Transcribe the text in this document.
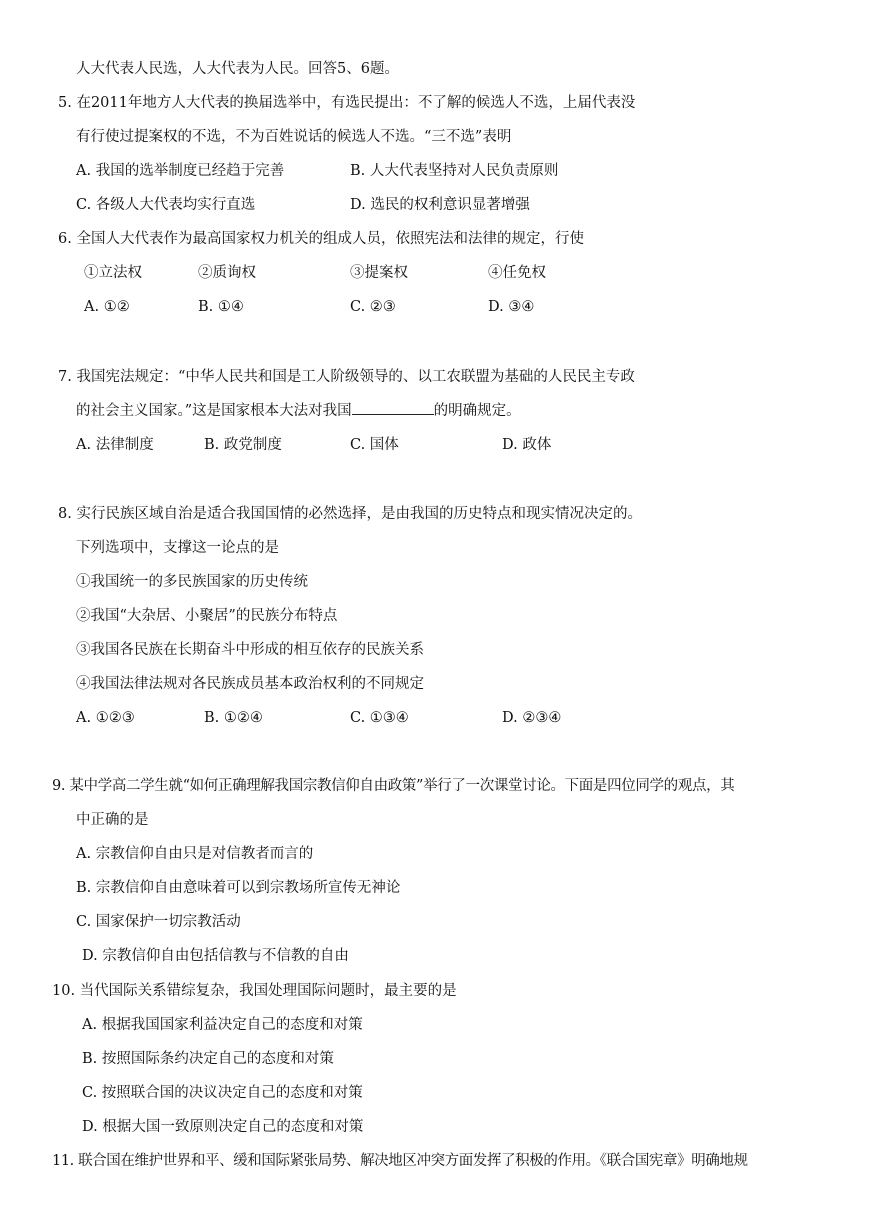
人大代表人民选，人大代表为人民。回答5、6题。
5. 在2011年地方人大代表的换届选举中，有选民提出：不了解的候选人不选，上届代表没
有行使过提案权的不选，不为百姓说话的候选人不选。“三不选”表明
A. 我国的选举制度已经趋于完善	B. 人大代表坚持对人民负责原则
C. 各级人大代表均实行直选	D. 选民的权利意识显著增强
6. 全国人大代表作为最高国家权力机关的组成人员，依照宪法和法律的规定，行使
①立法权	②质询权	③提案权	④任免权
A. ①②	B. ①④	C. ②③	D. ③④
7. 我国宪法规定：“中华人民共和国是工人阶级领导的、以工农联盟为基础的人民民主专政
的社会主义国家。”这是国家根本大法对我国	的明确规定。
A. 法律制度	B. 政党制度	C. 国体	D. 政体
8. 实行民族区域自治是适合我国国情的必然选择，是由我国的历史特点和现实情况决定的。
下列选项中，支撑这一论点的是
①我国统一的多民族国家的历史传统
②我国“大杂居、小聚居”的民族分布特点
③我国各民族在长期奋斗中形成的相互依存的民族关系
④我国法律法规对各民族成员基本政治权利的不同规定
A. ①②③	B. ①②④	C. ①③④	D. ②③④
9. 某中学高二学生就“如何正确理解我国宗教信仰自由政策”举行了一次课堂讨论。下面是四位同学的观点，其
中正确的是
A. 宗教信仰自由只是对信教者而言的
B. 宗教信仰自由意味着可以到宗教场所宣传无神论
C. 国家保护一切宗教活动
D. 宗教信仰自由包括信教与不信教的自由
10. 当代国际关系错综复杂，我国处理国际问题时，最主要的是
A. 根据我国国家利益决定自己的态度和对策
B. 按照国际条约决定自己的态度和对策
C. 按照联合国的决议决定自己的态度和对策
D. 根据大国一致原则决定自己的态度和对策
11. 联合国在维护世界和平、缓和国际紧张局势、解决地区冲突方面发挥了积极的作用。《联合国宪章》明确地规
